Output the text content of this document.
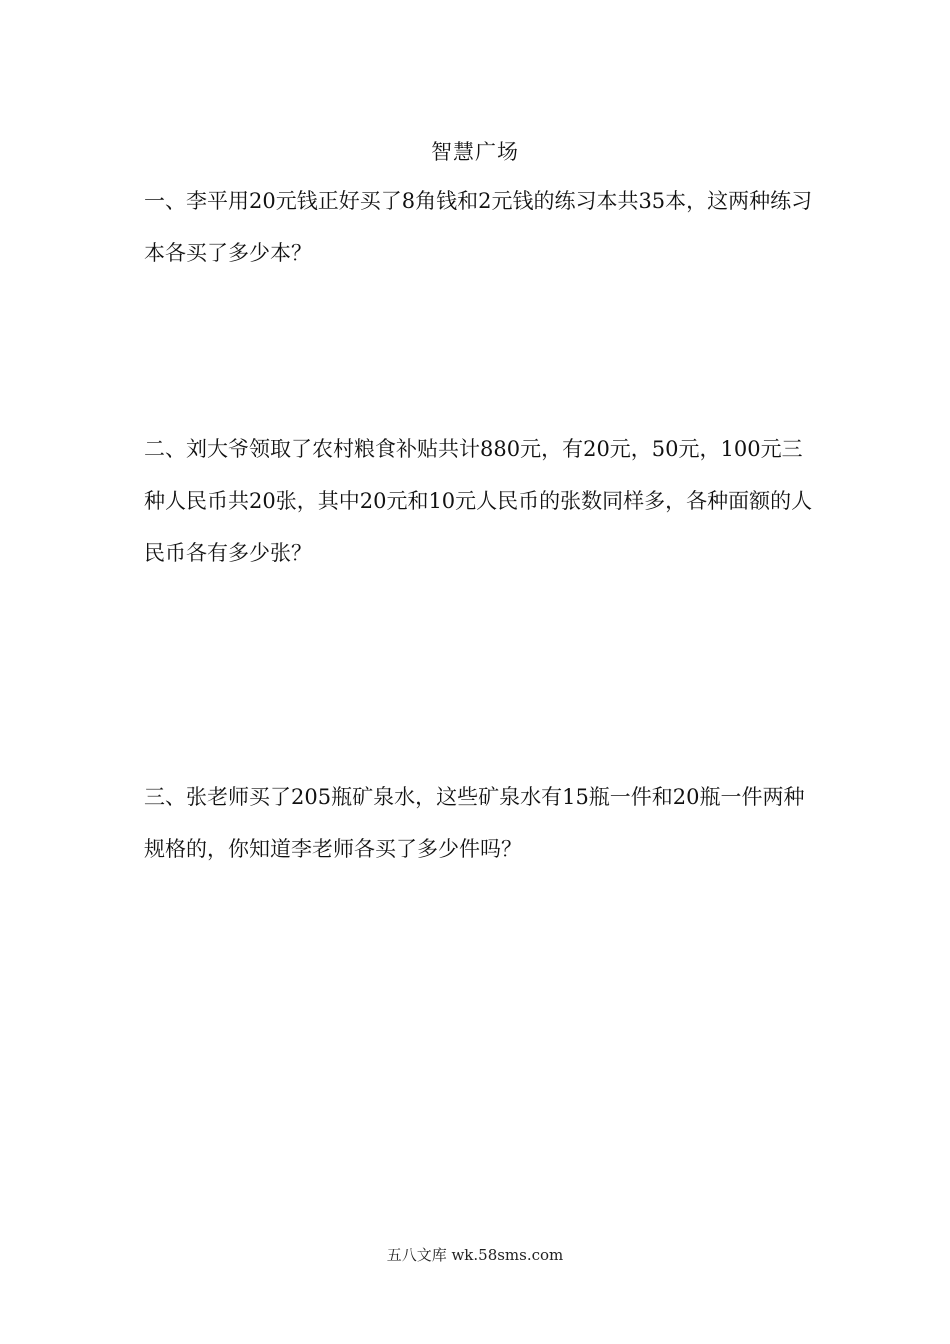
智慧广场

一、李平用20元钱正好买了8角钱和2元钱的练习本共35本，这两种练习本各买了多少本？

二、刘大爷领取了农村粮食补贴共计880元，有20元，50元，100元三种人民币共20张，其中20元和10元人民币的张数同样多，各种面额的人民币各有多少张？

三、张老师买了205瓶矿泉水，这些矿泉水有15瓶一件和20瓶一件两种规格的，你知道李老师各买了多少件吗？

五八文库 wk.58sms.com
